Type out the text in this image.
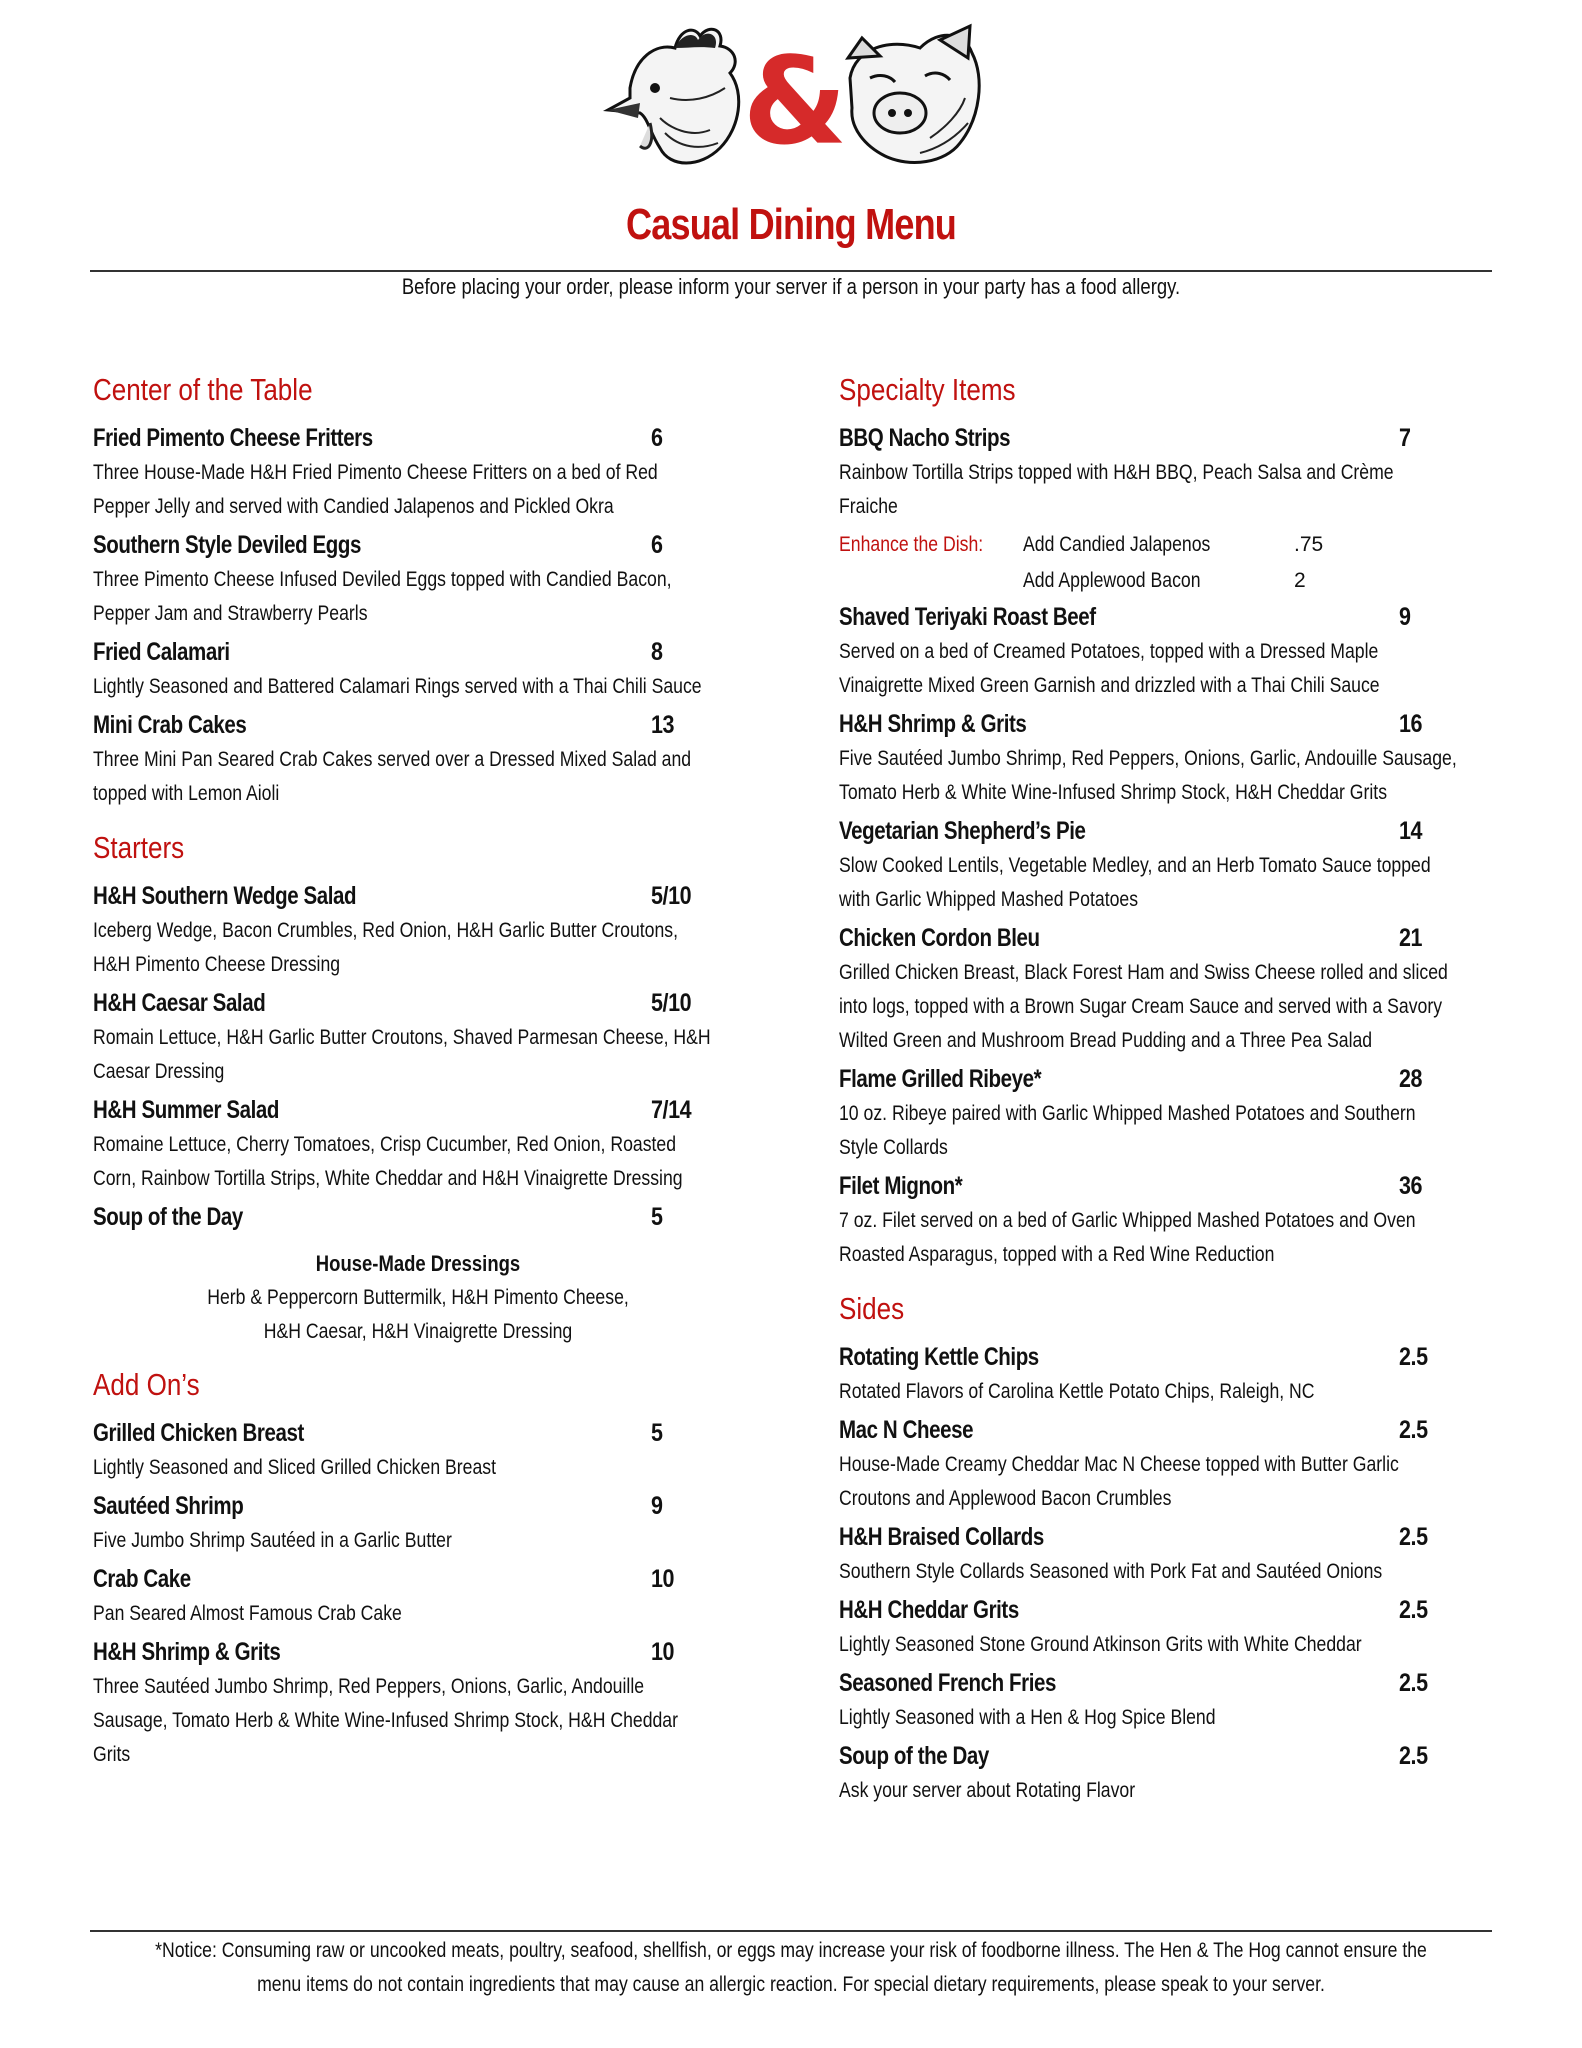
&
Casual Dining Menu
Before placing your order, please inform your server if a person in your party has a food allergy.
Center of the Table
Fried Pimento Cheese Fritters	6
Three House-Made H&H Fried Pimento Cheese Fritters on a bed of Red
Pepper Jelly and served with Candied Jalapenos and Pickled Okra
Southern Style Deviled Eggs	6
Three Pimento Cheese Infused Deviled Eggs topped with Candied Bacon,
Pepper Jam and Strawberry Pearls
Fried Calamari	8
Lightly Seasoned and Battered Calamari Rings served with a Thai Chili Sauce
Mini Crab Cakes	13
Three Mini Pan Seared Crab Cakes served over a Dressed Mixed Salad and
topped with Lemon Aioli
Starters
H&H Southern Wedge Salad	5/10
Iceberg Wedge, Bacon Crumbles, Red Onion, H&H Garlic Butter Croutons,
H&H Pimento Cheese Dressing
H&H Caesar Salad	5/10
Romain Lettuce, H&H Garlic Butter Croutons, Shaved Parmesan Cheese, H&H
Caesar Dressing
H&H Summer Salad	7/14
Romaine Lettuce, Cherry Tomatoes, Crisp Cucumber, Red Onion, Roasted
Corn, Rainbow Tortilla Strips, White Cheddar and H&H Vinaigrette Dressing
Soup of the Day	5
House-Made Dressings
Herb & Peppercorn Buttermilk, H&H Pimento Cheese,
H&H Caesar, H&H Vinaigrette Dressing
Add On’s
Grilled Chicken Breast	5
Lightly Seasoned and Sliced Grilled Chicken Breast
Sautéed Shrimp	9
Five Jumbo Shrimp Sautéed in a Garlic Butter
Crab Cake	10
Pan Seared Almost Famous Crab Cake
H&H Shrimp & Grits	10
Three Sautéed Jumbo Shrimp, Red Peppers, Onions, Garlic, Andouille
Sausage, Tomato Herb & White Wine-Infused Shrimp Stock, H&H Cheddar
Grits
Specialty Items
BBQ Nacho Strips	7
Rainbow Tortilla Strips topped with H&H BBQ, Peach Salsa and Crème
Fraiche
Enhance the Dish: Add Candied Jalapenos	.75
Add Applewood Bacon	2
Shaved Teriyaki Roast Beef	9
Served on a bed of Creamed Potatoes, topped with a Dressed Maple
Vinaigrette Mixed Green Garnish and drizzled with a Thai Chili Sauce
H&H Shrimp & Grits	16
Five Sautéed Jumbo Shrimp, Red Peppers, Onions, Garlic, Andouille Sausage,
Tomato Herb & White Wine-Infused Shrimp Stock, H&H Cheddar Grits
Vegetarian Shepherd’s Pie	14
Slow Cooked Lentils, Vegetable Medley, and an Herb Tomato Sauce topped
with Garlic Whipped Mashed Potatoes
Chicken Cordon Bleu	21
Grilled Chicken Breast, Black Forest Ham and Swiss Cheese rolled and sliced
into logs, topped with a Brown Sugar Cream Sauce and served with a Savory
Wilted Green and Mushroom Bread Pudding and a Three Pea Salad
Flame Grilled Ribeye*	28
10 oz. Ribeye paired with Garlic Whipped Mashed Potatoes and Southern
Style Collards
Filet Mignon*	36
7 oz. Filet served on a bed of Garlic Whipped Mashed Potatoes and Oven
Roasted Asparagus, topped with a Red Wine Reduction
Sides
Rotating Kettle Chips	2.5
Rotated Flavors of Carolina Kettle Potato Chips, Raleigh, NC
Mac N Cheese	2.5
House-Made Creamy Cheddar Mac N Cheese topped with Butter Garlic
Croutons and Applewood Bacon Crumbles
H&H Braised Collards	2.5
Southern Style Collards Seasoned with Pork Fat and Sautéed Onions
H&H Cheddar Grits	2.5
Lightly Seasoned Stone Ground Atkinson Grits with White Cheddar
Seasoned French Fries	2.5
Lightly Seasoned with a Hen & Hog Spice Blend
Soup of the Day	2.5
Ask your server about Rotating Flavor
*Notice: Consuming raw or uncooked meats, poultry, seafood, shellfish, or eggs may increase your risk of foodborne illness. The Hen & The Hog cannot ensure the
menu items do not contain ingredients that may cause an allergic reaction. For special dietary requirements, please speak to your server.
